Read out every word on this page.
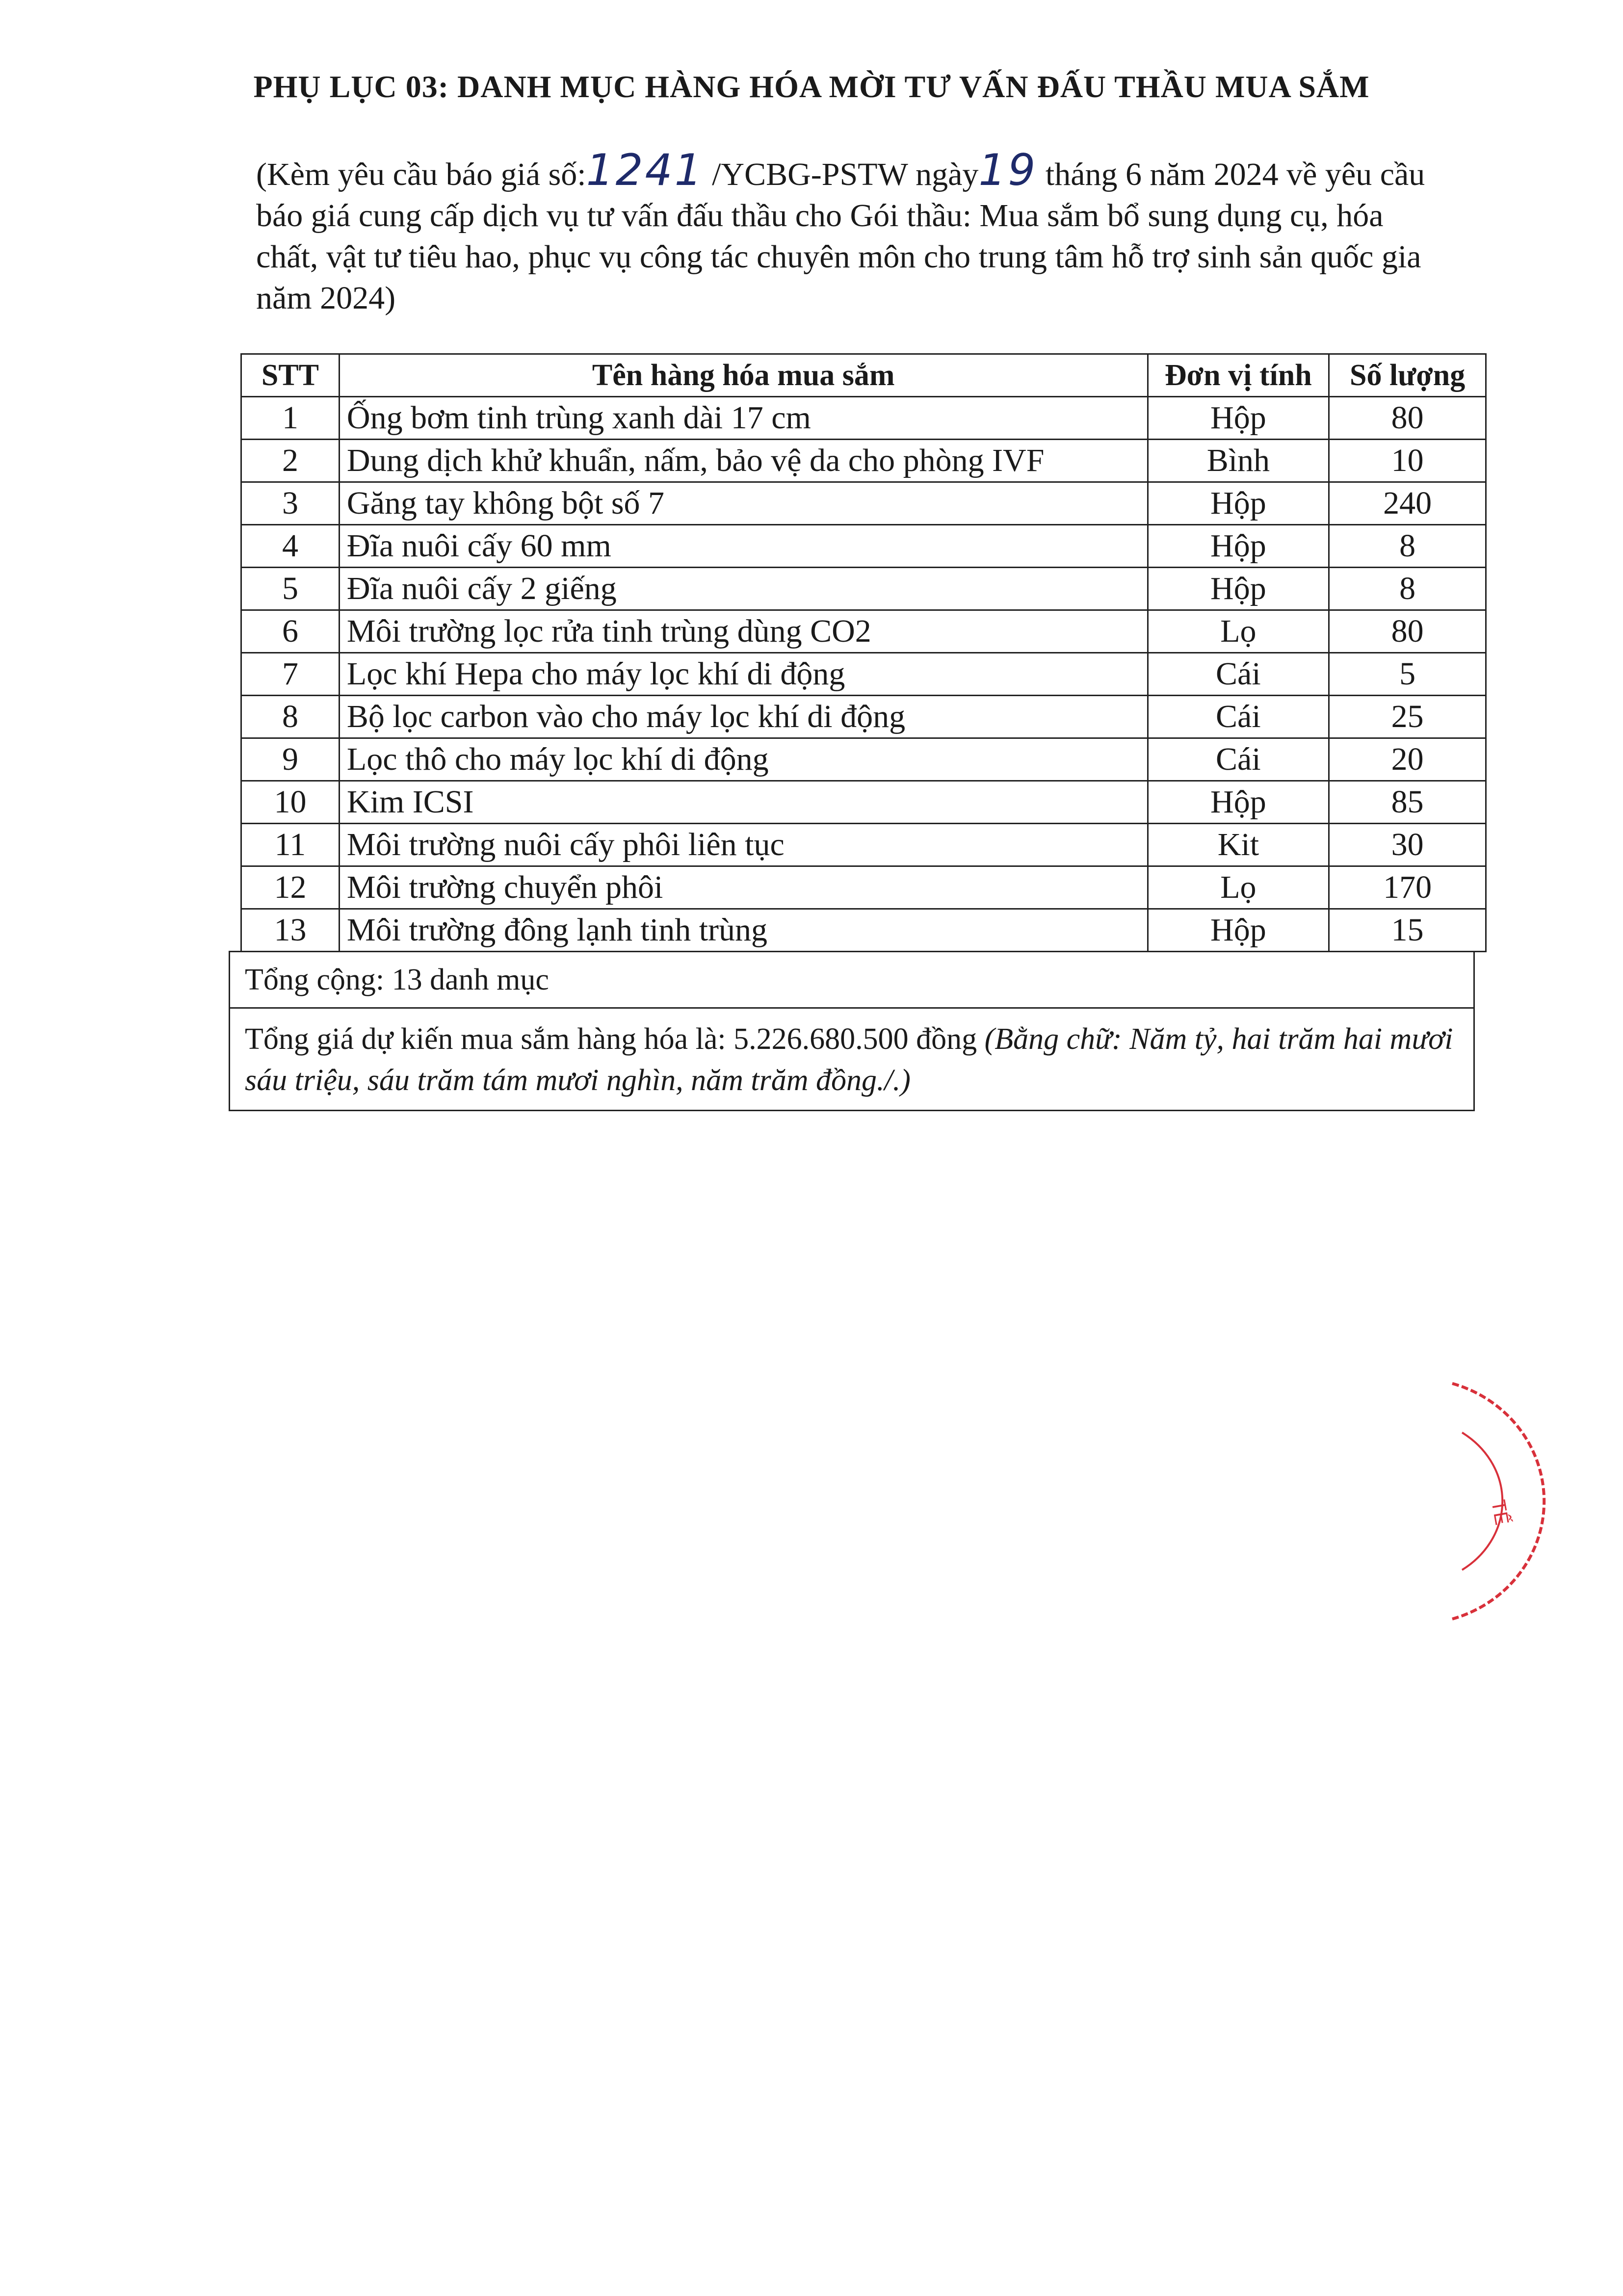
PHỤ LỤC 03: DANH MỤC HÀNG HÓA MỜI TƯ VẤN ĐẤU THẦU MUA SẮM
(Kèm yêu cầu báo giá số:1241 /YCBG-PSTW ngày19 tháng 6 năm 2024 về yêu cầu báo giá cung cấp dịch vụ tư vấn đấu thầu cho Gói thầu: Mua sắm bổ sung dụng cụ, hóa chất, vật tư tiêu hao, phục vụ công tác chuyên môn cho trung tâm hỗ trợ sinh sản quốc gia năm 2024)
STT	Tên hàng hóa mua sắm	Đơn vị tính	Số lượng
1	Ống bơm tinh trùng xanh dài 17 cm	Hộp	80
2	Dung dịch khử khuẩn, nấm, bảo vệ da cho phòng IVF	Bình	10
3	Găng tay không bột số 7	Hộp	240
4	Đĩa nuôi cấy 60 mm	Hộp	8
5	Đĩa nuôi cấy 2 giếng	Hộp	8
6	Môi trường lọc rửa tinh trùng dùng CO2	Lọ	80
7	Lọc khí Hepa cho máy lọc khí di động	Cái	5
8	Bộ lọc carbon vào cho máy lọc khí di động	Cái	25
9	Lọc thô cho máy lọc khí di động	Cái	20
10	Kim ICSI	Hộp	85
11	Môi trường nuôi cấy phôi liên tục	Kit	30
12	Môi trường chuyển phôi	Lọ	170
13	Môi trường đông lạnh tinh trùng	Hộp	15
Tổng cộng: 13 danh mục
Tổng giá dự kiến mua sắm hàng hóa là: 5.226.680.500 đồng (Bằng chữ: Năm tỷ, hai trăm hai mươi sáu triệu, sáu trăm tám mươi nghìn, năm trăm đồng./.)
TẾ
